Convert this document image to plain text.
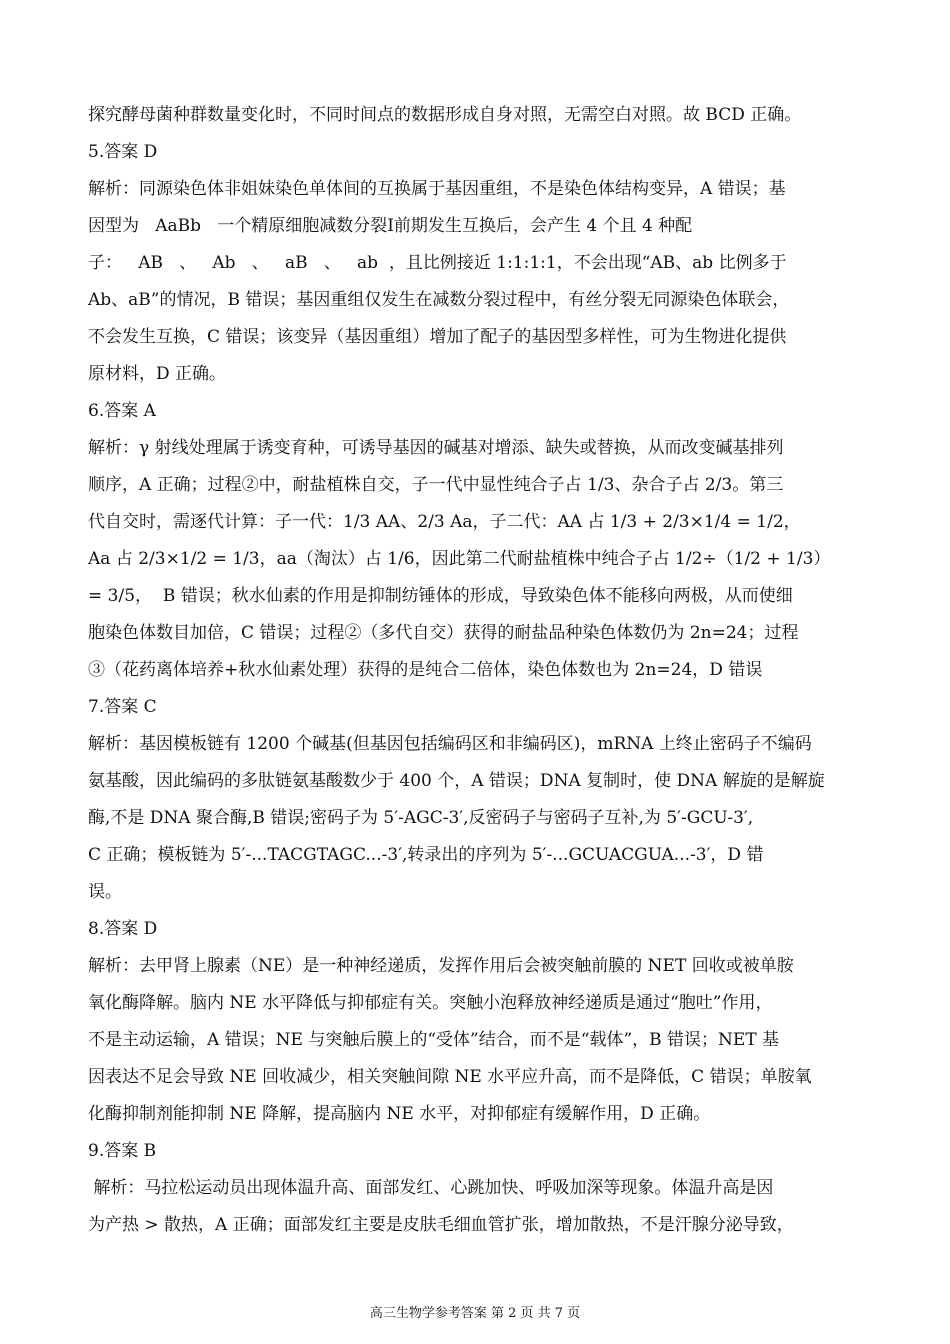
探究酵母菌种群数量变化时，不同时间点的数据形成自身对照，无需空白对照。故 BCD 正确。
5.答案 D
解析：同源染色体非姐妹染色单体间的互换属于基因重组，不是染色体结构变异，A 错误；基
因型为   AaBb   一个精原细胞减数分裂Ⅰ前期发生互换后，会产生 4 个且 4 种配
子：   AB   、   Ab   、   aB   、   ab  ，且比例接近 1:1:1:1，不会出现“AB、ab 比例多于
Ab、aB”的情况，B 错误；基因重组仅发生在减数分裂过程中，有丝分裂无同源染色体联会，
不会发生互换，C 错误；该变异（基因重组）增加了配子的基因型多样性，可为生物进化提供
原材料，D 正确。
6.答案 A
解析：γ 射线处理属于诱变育种，可诱导基因的碱基对增添、缺失或替换，从而改变碱基排列
顺序，A 正确；过程②中，耐盐植株自交，子一代中显性纯合子占 1/3、杂合子占 2/3。第三
代自交时，需逐代计算：子一代：1/3 AA、2/3 Aa，子二代：AA 占 1/3 + 2/3×1/4 = 1/2，
Aa 占 2/3×1/2 = 1/3，aa（淘汰）占 1/6，因此第二代耐盐植株中纯合子占 1/2÷（1/2 + 1/3）
= 3/5，  B 错误；秋水仙素的作用是抑制纺锤体的形成，导致染色体不能移向两极，从而使细
胞染色体数目加倍，C 错误；过程②（多代自交）获得的耐盐品种染色体数仍为 2n=24；过程
③（花药离体培养+秋水仙素处理）获得的是纯合二倍体，染色体数也为 2n=24，D 错误
7.答案 C
解析：基因模板链有 1200 个碱基(但基因包括编码区和非编码区)，mRNA 上终止密码子不编码
氨基酸，因此编码的多肽链氨基酸数少于 400 个，A 错误；DNA 复制时，使 DNA 解旋的是解旋
酶,不是 DNA 聚合酶,B 错误;密码子为 5′-AGC-3′,反密码子与密码子互补,为 5′-GCU-3′,
C 正确；模板链为 5′-...TACGTAGC...-3′,转录出的序列为 5′-...GCUACGUA...-3′，D 错
误。
8.答案 D
解析：去甲肾上腺素（NE）是一种神经递质，发挥作用后会被突触前膜的 NET 回收或被单胺
氧化酶降解。脑内 NE 水平降低与抑郁症有关。突触小泡释放神经递质是通过“胞吐”作用，
不是主动运输，A 错误；NE 与突触后膜上的“受体”结合，而不是“载体”，B 错误；NET 基
因表达不足会导致 NE 回收减少，相关突触间隙 NE 水平应升高，而不是降低，C 错误；单胺氧
化酶抑制剂能抑制 NE 降解，提高脑内 NE 水平，对抑郁症有缓解作用，D 正确。
9.答案 B
解析：马拉松运动员出现体温升高、面部发红、心跳加快、呼吸加深等现象。体温升高是因
为产热 > 散热，A 正确；面部发红主要是皮肤毛细血管扩张，增加散热，不是汗腺分泌导致，
高三生物学参考答案 第 2 页 共 7 页
